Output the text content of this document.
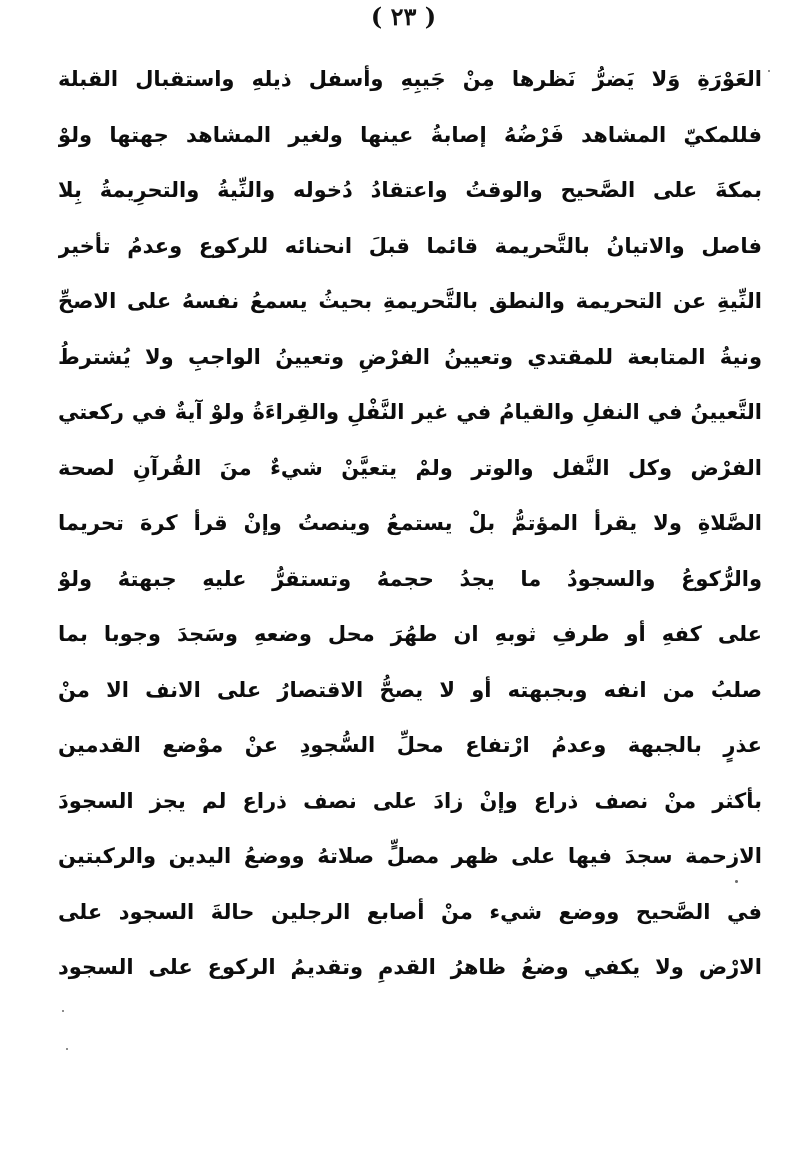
( ٢٣ )
العَوْرَةِ وَلا يَضرُّ نَظرها مِنْ جَيبِهِ وأسفل ذيلهِ واستقبال القبلة
فللمكيّ المشاهد فَرْضُهُ إصابةُ عينها ولغير المشاهد جهتها ولوْ
بمكةَ على الصَّحيح والوقتُ واعتقادُ دُخوله والنِّيةُ والتحرِيمةُ بِلا
فاصل والاتيانُ بالتَّحريمة قائما قبلَ انحنائه للركوع وعدمُ تأخير
النِّيةِ عن التحريمة والنطق بالتَّحريمةِ بحيثُ يسمعُ نفسهُ على الاصحِّ
ونيةُ المتابعة للمقتدي وتعيينُ الفرْضِ وتعيينُ الواجبِ ولا يُشترطُ
التَّعيينُ في النفلِ والقيامُ في غير النَّفْلِ والقِراءَةُ ولوْ آيةٌ في ركعتي
الفرْض وكل النَّفل والوتر ولمْ يتعيَّنْ شيءٌ منَ القُرآنِ لصحة
الصَّلاةِ ولا يقرأ المؤتمُّ بلْ يستمعُ وينصتُ وإنْ قرأ كرهَ تحريما
والرُّكوعُ والسجودُ ما يجدُ حجمهُ وتستقرُّ عليهِ جبهتهُ ولوْ
على كفهِ أو طرفِ ثوبهِ ان طهُرَ محل وضعهِ وسَجدَ وجوبا بما
صلبُ من انفه وبجبهته أو لا يصحُّ الاقتصارُ على الانف الا منْ
عذرٍ بالجبهة وعدمُ ارْتفاع محلِّ السُّجودِ عنْ موْضع القدمين
بأكثر منْ نصف ذراع وإنْ زادَ على نصف ذراع لم يجز السجودَ
الازحمة سجدَ فيها على ظهر مصلٍّ صلاتهُ ووضعُ اليدين والركبتين
في الصَّحيح ووضع شيء منْ أصابع الرجلين حالةَ السجود على
الارْض ولا يكفي وضعُ ظاهرُ القدمِ وتقديمُ الركوع على السجود
